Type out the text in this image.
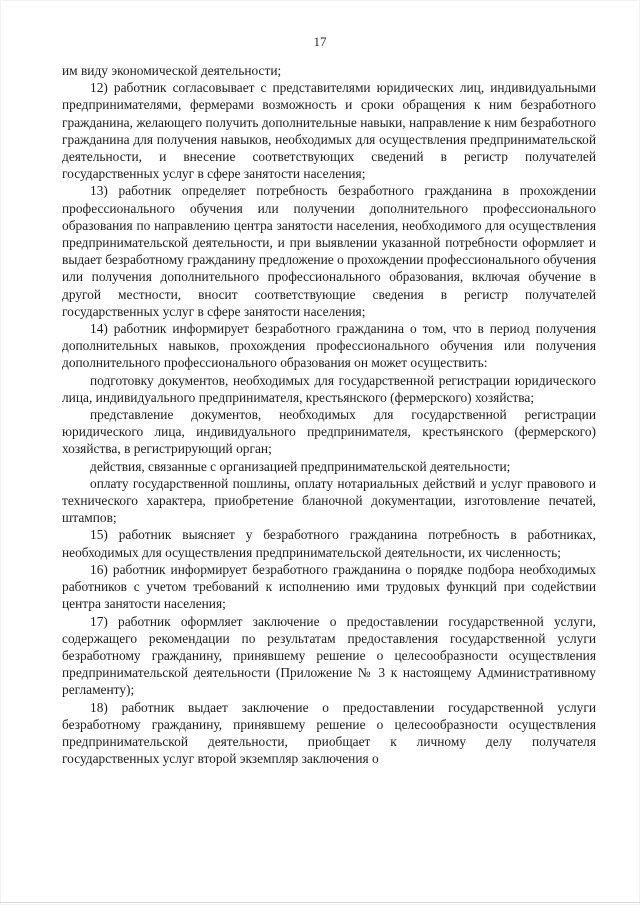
17

им виду экономической деятельности;

12) работник согласовывает с представителями юридических лиц, индивидуальными предпринимателями, фермерами возможность и сроки обращения к ним безработного гражданина, желающего получить дополнительные навыки, направление к ним безработного гражданина для получения навыков, необходимых для осуществления предпринимательской деятельности, и внесение соответствующих сведений в регистр получателей государственных услуг в сфере занятости населения;

13) работник определяет потребность безработного гражданина в прохождении профессионального обучения или получении дополнительного профессионального образования по направлению центра занятости населения, необходимого для осуществления предпринимательской деятельности, и при выявлении указанной потребности оформляет и выдает безработному гражданину предложение о прохождении профессионального обучения или получения дополнительного профессионального образования, включая обучение в другой местности, вносит соответствующие сведения в регистр получателей государственных услуг в сфере занятости населения;

14) работник информирует безработного гражданина о том, что в период получения дополнительных навыков, прохождения профессионального обучения или получения дополнительного профессионального образования он может осуществить:

подготовку документов, необходимых для государственной регистрации юридического лица, индивидуального предпринимателя, крестьянского (фермерского) хозяйства;

представление документов, необходимых для государственной регистрации юридического лица, индивидуального предпринимателя, крестьянского (фермерского) хозяйства, в регистрирующий орган;

действия, связанные с организацией предпринимательской деятельности;

оплату государственной пошлины, оплату нотариальных действий и услуг правового и технического характера, приобретение бланочной документации, изготовление печатей, штампов;

15) работник выясняет у безработного гражданина потребность в работниках, необходимых для осуществления предпринимательской деятельности, их численность;

16) работник информирует безработного гражданина о порядке подбора необходимых работников с учетом требований к исполнению ими трудовых функций при содействии центра занятости населения;

17) работник оформляет заключение о предоставлении государственной услуги, содержащего рекомендации по результатам предоставления государственной услуги безработному гражданину, принявшему решение о целесообразности осуществления предпринимательской деятельности (Приложение № 3 к настоящему Административному регламенту);

18) работник выдает заключение о предоставлении государственной услуги безработному гражданину, принявшему решение о целесообразности осуществления предпринимательской деятельности, приобщает к личному делу получателя государственных услуг второй экземпляр заключения о
